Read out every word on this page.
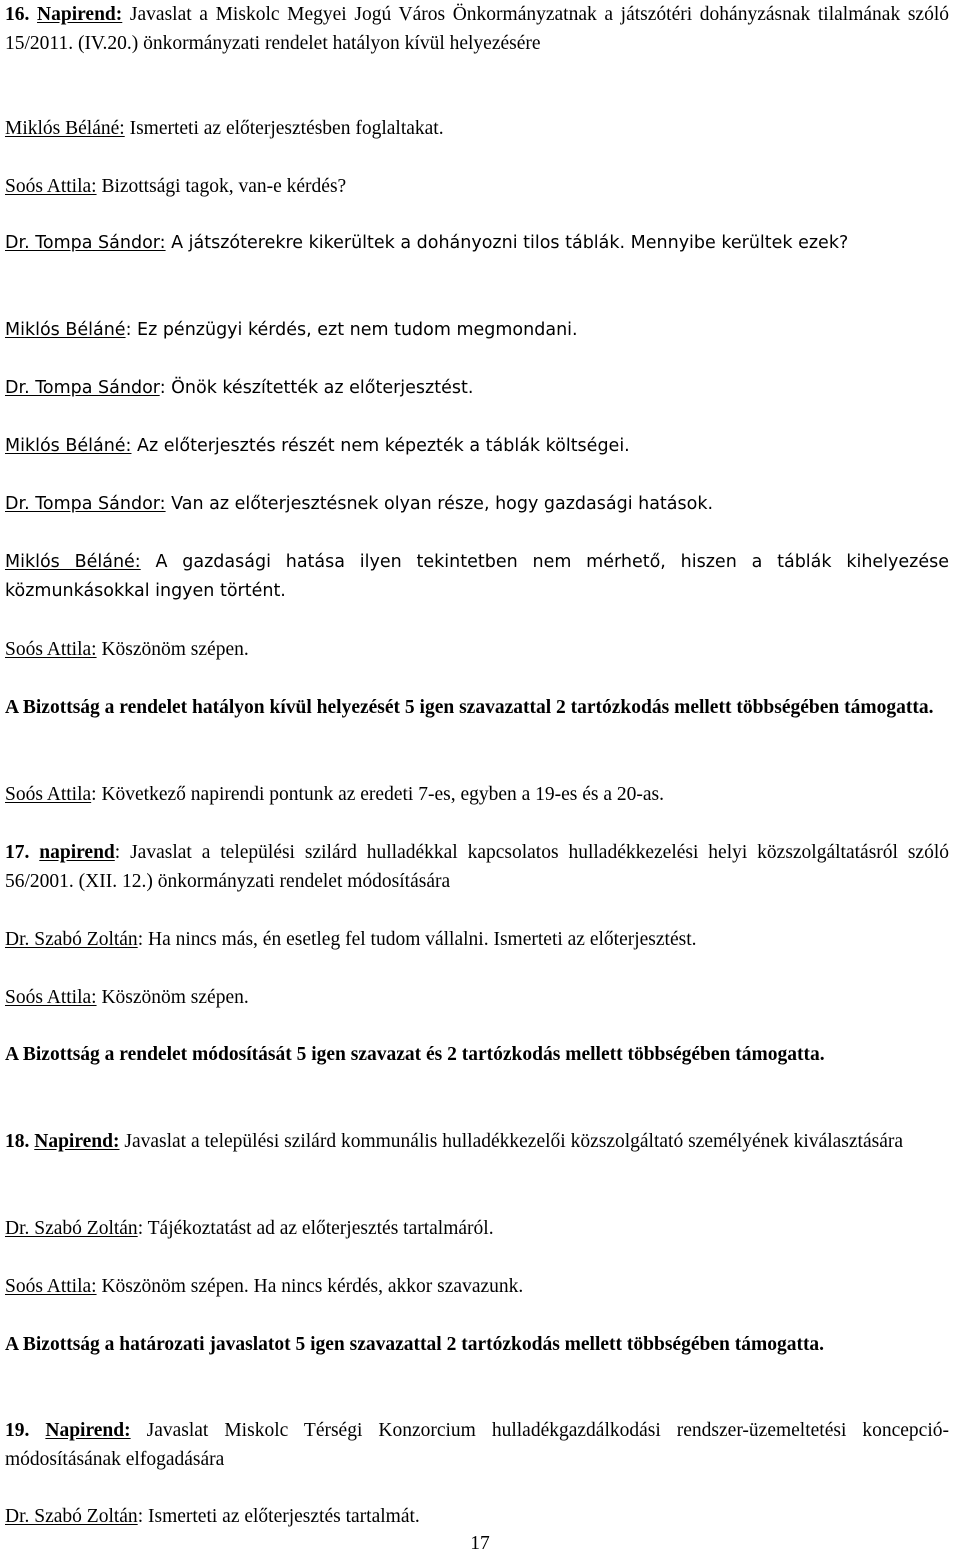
16. Napirend: Javaslat a Miskolc Megyei Jogú Város Önkormányzatnak a játszótéri dohányzásnak tilalmának szóló 15/2011. (IV.20.) önkormányzati rendelet hatályon kívül helyezésére

Miklós Béláné: Ismerteti az előterjesztésben foglaltakat.

Soós Attila: Bizottsági tagok, van-e kérdés?

Dr. Tompa Sándor: A játszóterekre kikerültek a dohányozni tilos táblák. Mennyibe kerültek ezek?

Miklós Béláné: Ez pénzügyi kérdés, ezt nem tudom megmondani.

Dr. Tompa Sándor: Önök készítették az előterjesztést.

Miklós Béláné: Az előterjesztés részét nem képezték a táblák költségei.

Dr. Tompa Sándor: Van az előterjesztésnek olyan része, hogy gazdasági hatások.

Miklós Béláné: A gazdasági hatása ilyen tekintetben nem mérhető, hiszen a táblák kihelyezése közmunkásokkal ingyen történt.

Soós Attila: Köszönöm szépen.

A Bizottság a rendelet hatályon kívül helyezését 5 igen szavazattal 2 tartózkodás mellett többségében támogatta.

Soós Attila: Következő napirendi pontunk az eredeti 7-es, egyben a 19-es és a 20-as.

17. napirend: Javaslat a települési szilárd hulladékkal kapcsolatos hulladékkezelési helyi közszolgáltatásról szóló 56/2001. (XII. 12.) önkormányzati rendelet módosítására

Dr. Szabó Zoltán: Ha nincs más, én esetleg fel tudom vállalni. Ismerteti az előterjesztést.

Soós Attila: Köszönöm szépen.

A Bizottság a rendelet módosítását 5 igen szavazat és 2 tartózkodás mellett többségében támogatta.

18. Napirend: Javaslat a települési szilárd kommunális hulladékkezelői közszolgáltató személyének kiválasztására

Dr. Szabó Zoltán: Tájékoztatást ad az előterjesztés tartalmáról.

Soós Attila: Köszönöm szépen. Ha nincs kérdés, akkor szavazunk.

A Bizottság a határozati javaslatot 5 igen szavazattal 2 tartózkodás mellett többségében támogatta.

19. Napirend: Javaslat Miskolc Térségi Konzorcium hulladékgazdálkodási rendszer-üzemeltetési koncepció-módosításának elfogadására

Dr. Szabó Zoltán: Ismerteti az előterjesztés tartalmát.

17
